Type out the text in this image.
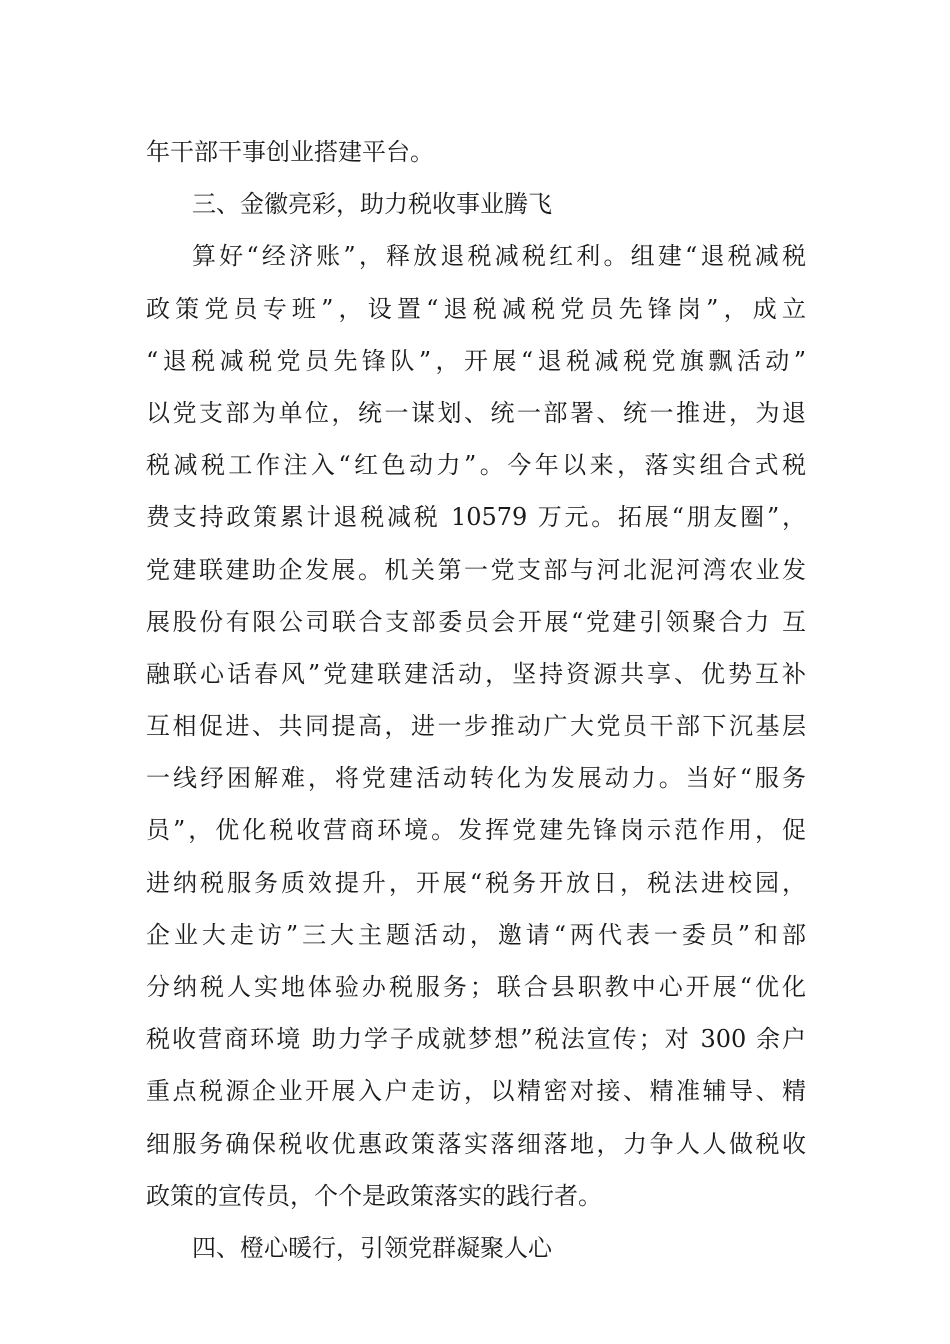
年干部干事创业搭建平台。
三、金徽亮彩，助力税收事业腾飞
算好“经济账”，释放退税减税红利。组建“退税减税
政策党员专班”，设置“退税减税党员先锋岗”，成立
“退税减税党员先锋队”，开展“退税减税党旗飘活动”
以党支部为单位，统一谋划、统一部署、统一推进，为退
税减税工作注入“红色动力”。今年以来，落实组合式税
费支持政策累计退税减税 10579 万元。拓展“朋友圈”，
党建联建助企发展。机关第一党支部与河北泥河湾农业发
展股份有限公司联合支部委员会开展“党建引领聚合力 互
融联心话春风”党建联建活动，坚持资源共享、优势互补
互相促进、共同提高，进一步推动广大党员干部下沉基层
一线纾困解难，将党建活动转化为发展动力。当好“服务
员”，优化税收营商环境。发挥党建先锋岗示范作用，促
进纳税服务质效提升，开展“税务开放日，税法进校园，
企业大走访”三大主题活动，邀请“两代表一委员”和部
分纳税人实地体验办税服务；联合县职教中心开展“优化
税收营商环境 助力学子成就梦想”税法宣传；对 300 余户
重点税源企业开展入户走访，以精密对接、精准辅导、精
细服务确保税收优惠政策落实落细落地，力争人人做税收
政策的宣传员，个个是政策落实的践行者。
四、橙心暖行，引领党群凝聚人心
